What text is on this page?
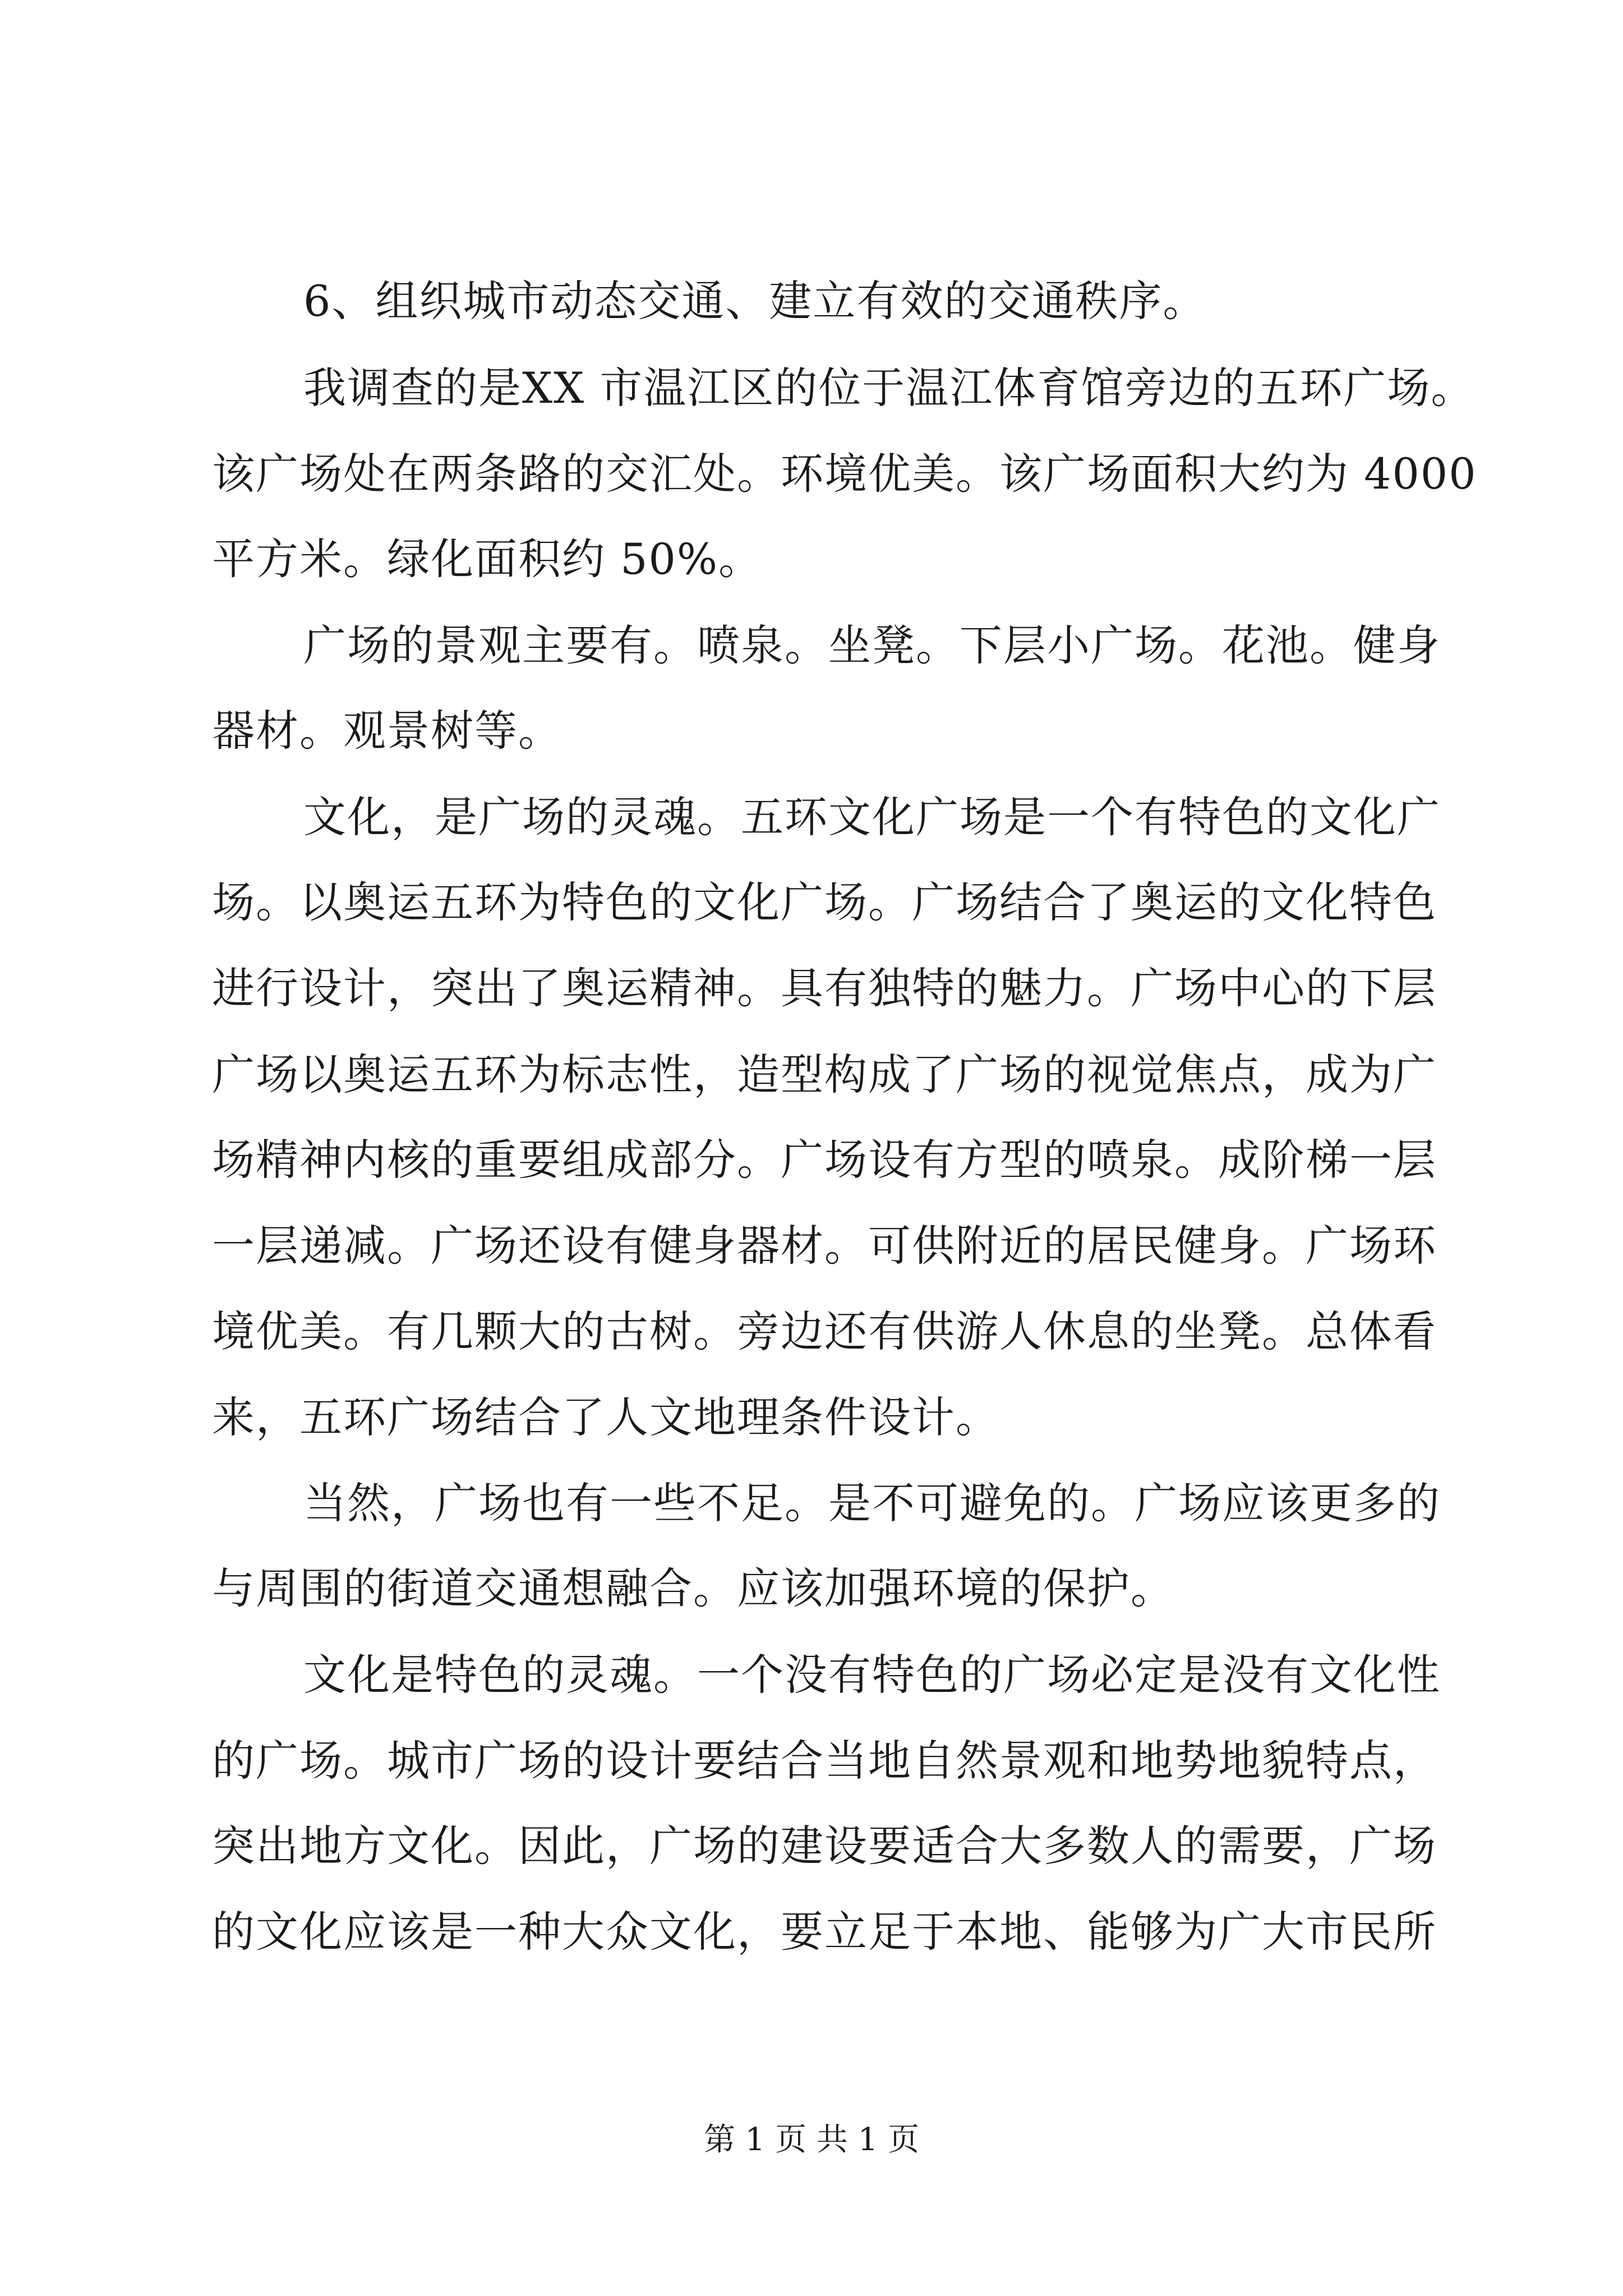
6、组织城市动态交通、建立有效的交通秩序。
我调查的是XX 市温江区的位于温江体育馆旁边的五环广场。
该广场处在两条路的交汇处。环境优美。该广场面积大约为 4000
平方米。绿化面积约 50%。
广场的景观主要有。喷泉。坐凳。下层小广场。花池。健身
器材。观景树等。
文化，是广场的灵魂。五环文化广场是一个有特色的文化广
场。以奥运五环为特色的文化广场。广场结合了奥运的文化特色
进行设计，突出了奥运精神。具有独特的魅力。广场中心的下层
广场以奥运五环为标志性，造型构成了广场的视觉焦点，成为广
场精神内核的重要组成部分。广场设有方型的喷泉。成阶梯一层
一层递减。广场还设有健身器材。可供附近的居民健身。广场环
境优美。有几颗大的古树。旁边还有供游人休息的坐凳。总体看
来，五环广场结合了人文地理条件设计。
当然，广场也有一些不足。是不可避免的。广场应该更多的
与周围的街道交通想融合。应该加强环境的保护。
文化是特色的灵魂。一个没有特色的广场必定是没有文化性
的广场。城市广场的设计要结合当地自然景观和地势地貌特点，
突出地方文化。因此，广场的建设要适合大多数人的需要，广场
的文化应该是一种大众文化，要立足于本地、能够为广大市民所
第 1 页 共 1 页
